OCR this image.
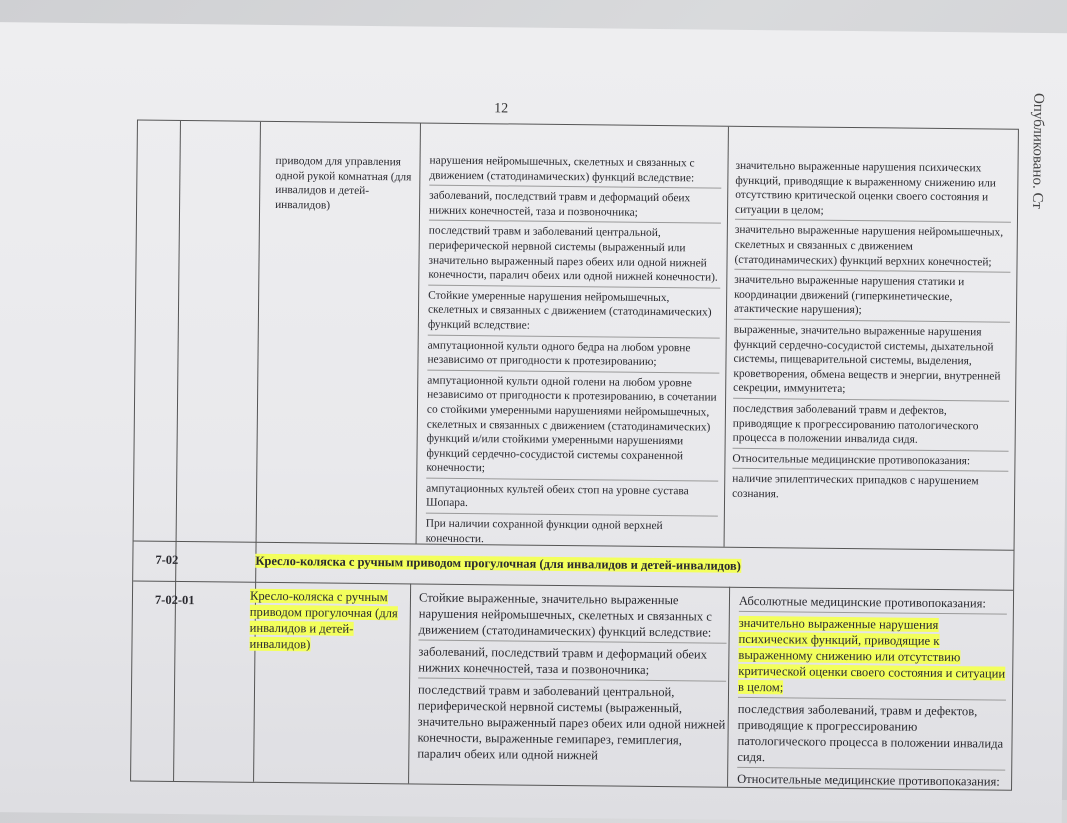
Опубликовано. Ст
12
приводом для управления одной рукой комнатная (для инвалидов и детей-инвалидов)

нарушения нейромышечных, скелетных и связанных с движением (статодинамических) функций вследствие:

заболеваний, последствий травм и деформаций обеих нижних конечностей, таза и позвоночника;

последствий травм и заболеваний центральной, периферической нервной системы (выраженный или значительно выраженный парез обеих или одной нижней конечности, паралич обеих или одной нижней конечности).

Стойкие умеренные нарушения нейромышечных, скелетных и связанных с движением (статодинамических) функций вследствие:

ампутационной культи одного бедра на любом уровне независимо от пригодности к протезированию;

ампутационной культи одной голени на любом уровне независимо от пригодности к протезированию, в сочетании со стойкими умеренными нарушениями нейромышечных, скелетных и связанных с движением (статодинамических) функций и/или стойкими умеренными нарушениями функций сердечно-сосудистой системы сохраненной конечности;

ампутационных культей обеих стоп на уровне сустава Шопара.

При наличии сохранной функции одной верхней конечности.

значительно выраженные нарушения психических функций, приводящие к выраженному снижению или отсутствию критической оценки своего состояния и ситуации в целом;

значительно выраженные нарушения нейромышечных, скелетных и связанных с движением (статодинамических) функций верхних конечностей;

значительно выраженные нарушения статики и координации движений (гиперкинетические, атактические нарушения);

выраженные, значительно выраженные нарушения функций сердечно-сосудистой системы, дыхательной системы, пищеварительной системы, выделения, кроветворения, обмена веществ и энергии, внутренней секреции, иммунитета;

последствия заболеваний травм и дефектов, приводящие к прогрессированию патологического процесса в положении инвалида сидя.

Относительные медицинские противопоказания:

наличие эпилептических припадков с нарушением сознания.

7-02	Кресло-коляска с ручным приводом прогулочная (для инвалидов и детей-инвалидов)
7-02-01	Кресло-коляска с ручным приводом прогулочная (для инвалидов и детей-инвалидов)

Стойкие выраженные, значительно выраженные нарушения нейромышечных, скелетных и связанных с движением (статодинамических) функций вследствие:

заболеваний, последствий травм и деформаций обеих нижних конечностей, таза и позвоночника;

последствий травм и заболеваний центральной, периферической нервной системы (выраженный, значительно выраженный парез обеих или одной нижней конечности, выраженные гемипарез, гемиплегия, паралич обеих или одной нижней

Абсолютные медицинские противопоказания:

значительно выраженные нарушения психических функций, приводящие к выраженному снижению или отсутствию критической оценки своего состояния и ситуации в целом;

последствия заболеваний, травм и дефектов, приводящие к прогрессированию патологического процесса в положении инвалида сидя.

Относительные медицинские противопоказания:
